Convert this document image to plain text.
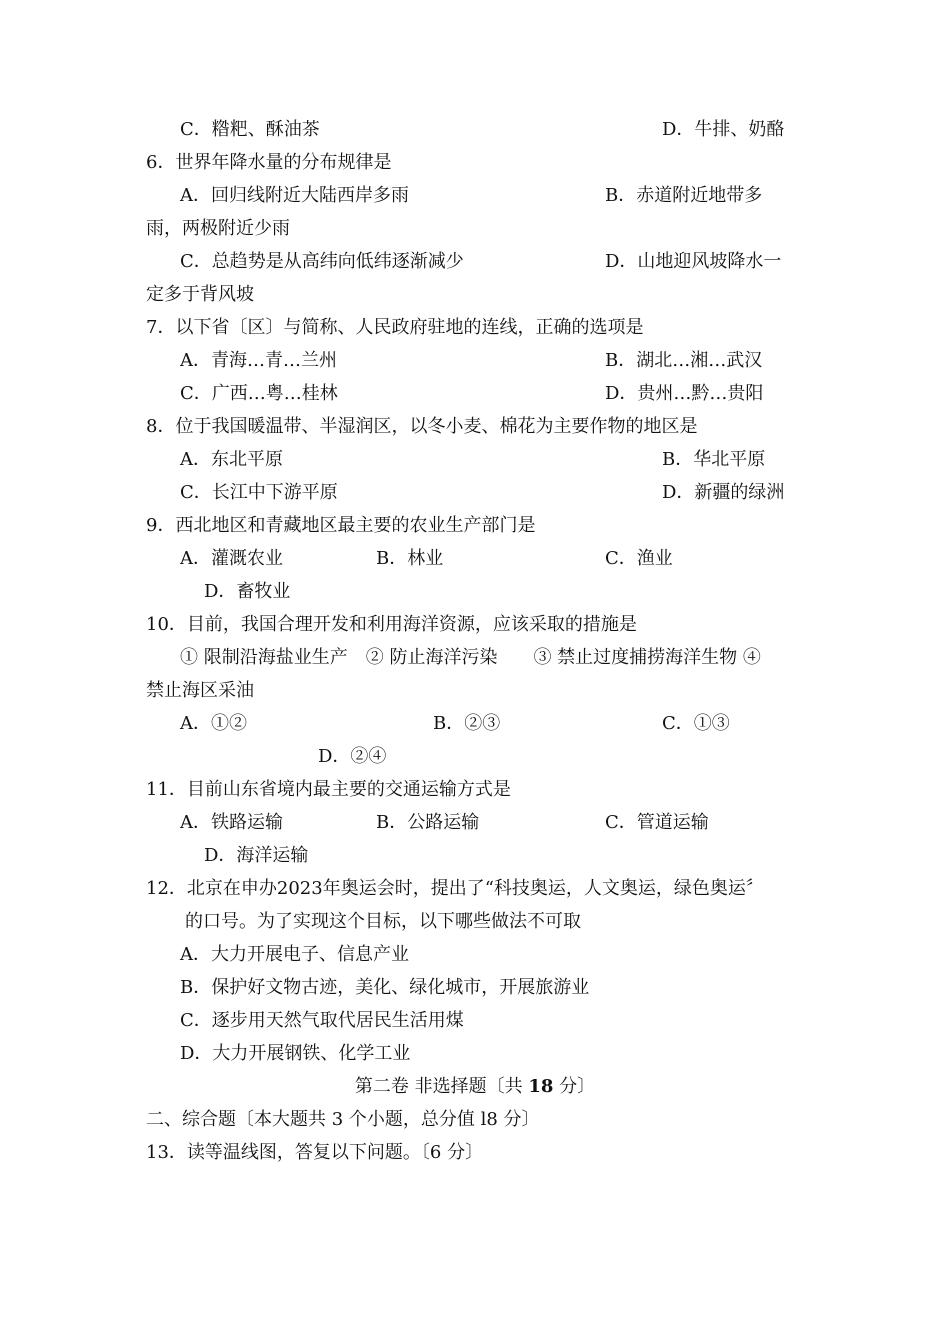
C．糌粑、酥油茶	D．牛排、奶酪
6．世界年降水量的分布规律是
A．回归线附近大陆西岸多雨	B．赤道附近地带多
雨，两极附近少雨
C．总趋势是从高纬向低纬逐渐减少	D．山地迎风坡降水一
定多于背风坡
7．以下省〔区〕与简称、人民政府驻地的连线，正确的选项是
A．青海…青…兰州	B．湖北…湘…武汉
C．广西…粤…桂林	D．贵州…黔…贵阳
8．位于我国暖温带、半湿润区，以冬小麦、棉花为主要作物的地区是
A．东北平原	B．华北平原
C．长江中下游平原	D．新疆的绿洲
9．西北地区和青藏地区最主要的农业生产部门是
A．灌溉农业	B．林业	C．渔业
D．畜牧业
10．目前，我国合理开发和利用海洋资源，应该采取的措施是
① 限制沿海盐业生产　② 防止海洋污染　　③ 禁止过度捕捞海洋生物 ④
禁止海区采油
A．①②	B．②③	C．①③
D．②④
11．目前山东省境内最主要的交通运输方式是
A．铁路运输	B．公路运输	C．管道运输
D．海洋运输
12．北京在申办2023年奥运会时，提出了“科技奥运，人文奥运，绿色奥运〞
的口号。为了实现这个目标，以下哪些做法不可取
A．大力开展电子、信息产业
B．保护好文物古迹，美化、绿化城市，开展旅游业
C．逐步用天然气取代居民生活用煤
D．大力开展钢铁、化学工业
第二卷 非选择题〔共 18 分〕
二、综合题〔本大题共 3 个小题，总分值 l8 分〕
13．读等温线图，答复以下问题。〔6 分〕
